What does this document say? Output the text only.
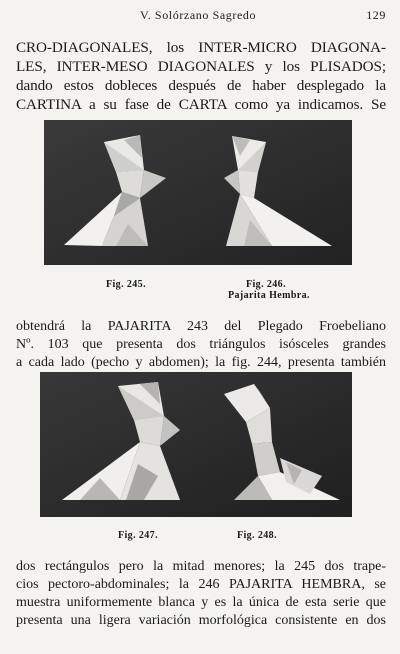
V. Solórzano Sagredo	129

CRO-DIAGONALES, los INTER-MICRO DIAGONA-
LES, INTER-MESO DIAGONALES y los PLISADOS;
dando estos dobleces después de haber desplegado la
CARTINA a su fase de CARTA como ya indicamos. Se

Fig. 245.	Fig. 246.
Pajarita Hembra.

obtendrá la PAJARITA 243 del Plegado Froebeliano
Nº. 103 que presenta dos triángulos isósceles grandes
a cada lado (pecho y abdomen); la fig. 244, presenta también

Fig. 247.	Fig. 248.

dos rectángulos pero la mitad menores; la 245 dos trape-
cios pectoro-abdominales; la 246 PAJARITA HEMBRA, se
muestra uniformemente blanca y es la única de esta serie que
presenta una ligera variación morfológica consistente en dos
